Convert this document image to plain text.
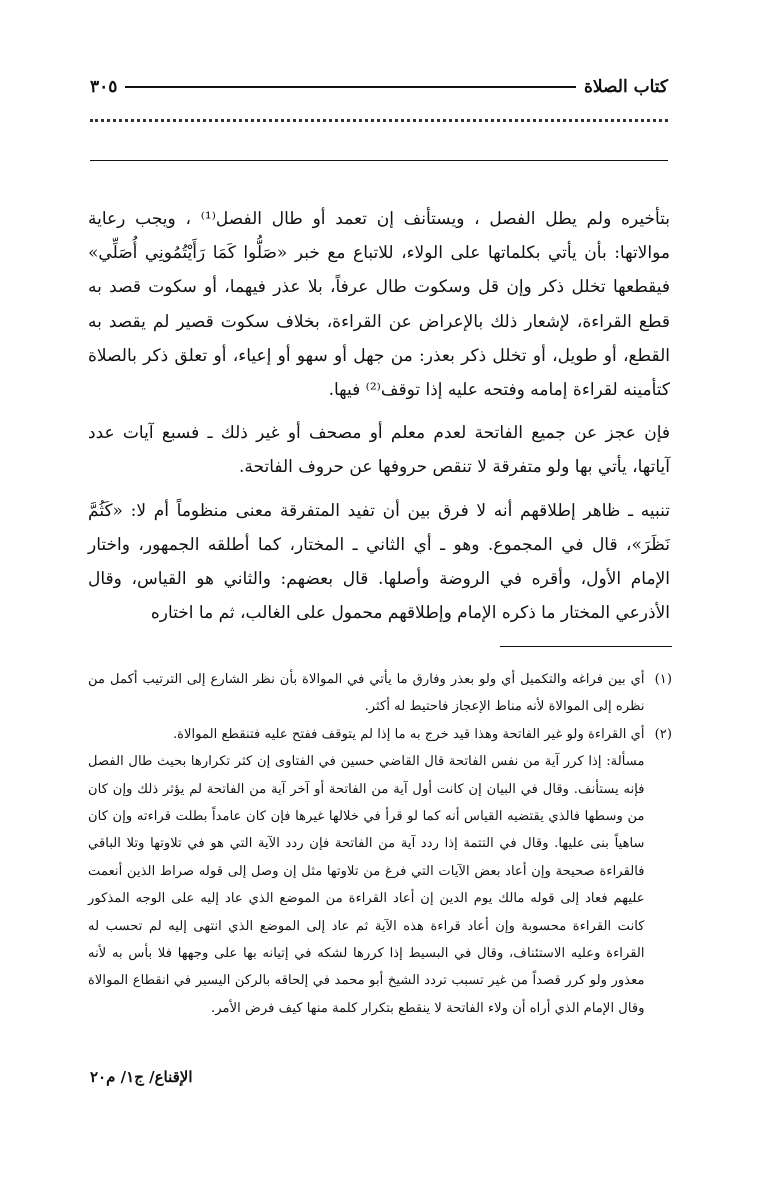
كتاب الصلاة
٣٠٥

بتأخيره ولم يطل الفصل ، ويستأنف إن تعمد أو طال الفصل⁽¹⁾ ، ويجب رعاية موالاتها: بأن يأتي بكلماتها على الولاء، للاتباع مع خبر «صَلُّوا كَمَا رَأَيْتُمُونِي أُصَلِّي» فيقطعها تخلل ذكر وإن قل وسكوت طال عرفاً، بلا عذر فيهما، أو سكوت قصد به قطع القراءة، لإشعار ذلك بالإعراض عن القراءة، بخلاف سكوت قصير لم يقصد به القطع، أو طويل، أو تخلل ذكر بعذر: من جهل أو سهو أو إعياء، أو تعلق ذكر بالصلاة كتأمينه لقراءة إمامه وفتحه عليه إذا توقف⁽²⁾ فيها.

فإن عجز عن جميع الفاتحة لعدم معلم أو مصحف أو غير ذلك ـ فسبع آيات عدد آياتها، يأتي بها ولو متفرقة لا تنقص حروفها عن حروف الفاتحة.

تنبيه ـ ظاهر إطلاقهم أنه لا فرق بين أن تفيد المتفرقة معنى منظوماً أم لا: «كَثُمَّ نَظَرَ»، قال في المجموع. وهو ـ أي الثاني ـ المختار، كما أطلقه الجمهور، واختار الإمام الأول، وأقره في الروضة وأصلها. قال بعضهم: والثاني هو القياس، وقال الأذرعي المختار ما ذكره الإمام وإطلاقهم محمول على الغالب، ثم ما اختاره

(١)

أي بين فراغه والتكميل أي ولو بعذر وفارق ما يأتي في الموالاة بأن نظر الشارع إلى الترتيب أكمل من نظره إلى الموالاة لأنه مناط الإعجاز فاحتيط له أكثر.

(٢)

أي القراءة ولو غير الفاتحة وهذا قيد خرج به ما إذا لم يتوقف ففتح عليه فتنقطع الموالاة.

مسألة: إذا كرر آية من نفس الفاتحة قال القاضي حسين في الفتاوى إن كثر تكرارها بحيث طال الفصل فإنه يستأنف. وقال في البيان إن كانت أول آية من الفاتحة أو آخر آية من الفاتحة لم يؤثر ذلك وإن كان من وسطها فالذي يقتضيه القياس أنه كما لو قرأ في خلالها غيرها فإن كان عامداً بطلت قراءته وإن كان ساهياً بنى عليها. وقال في التتمة إذا ردد آية من الفاتحة فإن ردد الآية التي هو في تلاوتها وتلا الباقي فالقراءة صحيحة وإن أعاد بعض الآيات التي فرغ من تلاوتها مثل إن وصل إلى قوله صراط الذين أنعمت عليهم فعاد إلى قوله مالك يوم الدين إن أعاد القراءة من الموضع الذي عاد إليه على الوجه المذكور كانت القراءة محسوبة وإن أعاد قراءة هذه الآية ثم عاد إلى الموضع الذي انتهى إليه لم تحسب له القراءة وعليه الاستئناف، وقال في البسيط إذا كررها لشكه في إتيانه بها على وجهها فلا بأس به لأنه معذور ولو كرر قصداً من غير تسبب تردد الشيخ أبو محمد في إلحاقه بالركن اليسير في انقطاع الموالاة وقال الإمام الذي أراه أن ولاء الفاتحة لا ينقطع بتكرار كلمة منها كيف فرض الأمر.

الإقناع/ ج١/ م٢٠
